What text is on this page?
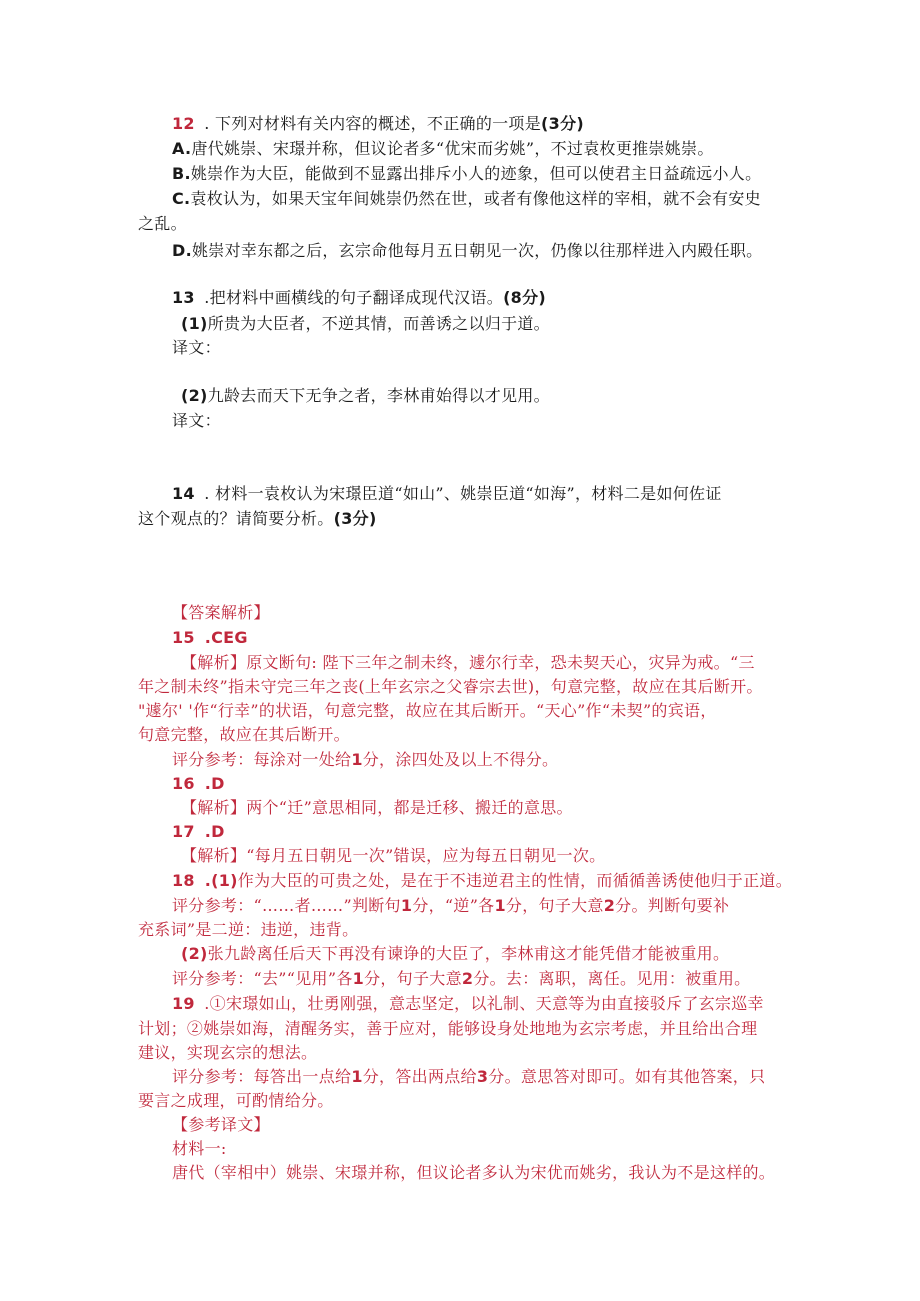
12 . 下列对材料有关内容的概述，不正确的一项是(3分)
A.唐代姚崇、宋璟并称，但议论者多“优宋而劣姚”，不过袁枚更推崇姚崇。
B.姚崇作为大臣，能做到不显露出排斥小人的迹象，但可以使君主日益疏远小人。
C.袁枚认为，如果天宝年间姚崇仍然在世，或者有像他这样的宰相，就不会有安史
之乱。
D.姚崇对幸东都之后，玄宗命他每月五日朝见一次，仍像以往那样进入内殿任职。
13 .把材料中画横线的句子翻译成现代汉语。(8分)
(1)所贵为大臣者，不逆其情，而善诱之以归于道。
译文：
(2)九龄去而天下无争之者，李林甫始得以才见用。
译文：
14 . 材料一袁枚认为宋璟臣道“如山”、姚崇臣道“如海”，材料二是如何佐证
这个观点的？请简要分析。(3分)
【答案解析】
15 .CEG
【解析】原文断句: 陛下三年之制未终，遽尔行幸，恐未契天心，灾异为戒。“三
年之制未终”指未守完三年之丧(上年玄宗之父睿宗去世)，句意完整，故应在其后断开。
"遽尔' '作“行幸”的状语，句意完整，故应在其后断开。“天心”作“未契”的宾语，
句意完整，故应在其后断开。
评分参考：每涂对一处给1分，涂四处及以上不得分。
16 .D
【解析】两个“迁”意思相同，都是迁移、搬迁的意思。
17 .D
【解析】“每月五日朝见一次”错误，应为每五日朝见一次。
18 .(1)作为大臣的可贵之处，是在于不违逆君主的性情，而循循善诱使他归于正道。
评分参考：“……者……”判断句1分，“逆”各1分，句子大意2分。判断句要补
充系词”是二逆：违逆，违背。
(2)张九龄离任后天下再没有谏诤的大臣了，李林甫这才能凭借才能被重用。
评分参考：“去”“见用”各1分，句子大意2分。去：离职，离任。见用：被重用。
19 .①宋璟如山，壮勇刚强，意志坚定，以礼制、天意等为由直接驳斥了玄宗巡幸
计划；②姚崇如海，清醒务实，善于应对，能够设身处地地为玄宗考虑，并且给出合理
建议，实现玄宗的想法。
评分参考：每答出一点给1分，答出两点给3分。意思答对即可。如有其他答案，只
要言之成理，可酌情给分。
【参考译文】
材料一:
唐代（宰相中）姚崇、宋璟并称，但议论者多认为宋优而姚劣，我认为不是这样的。
